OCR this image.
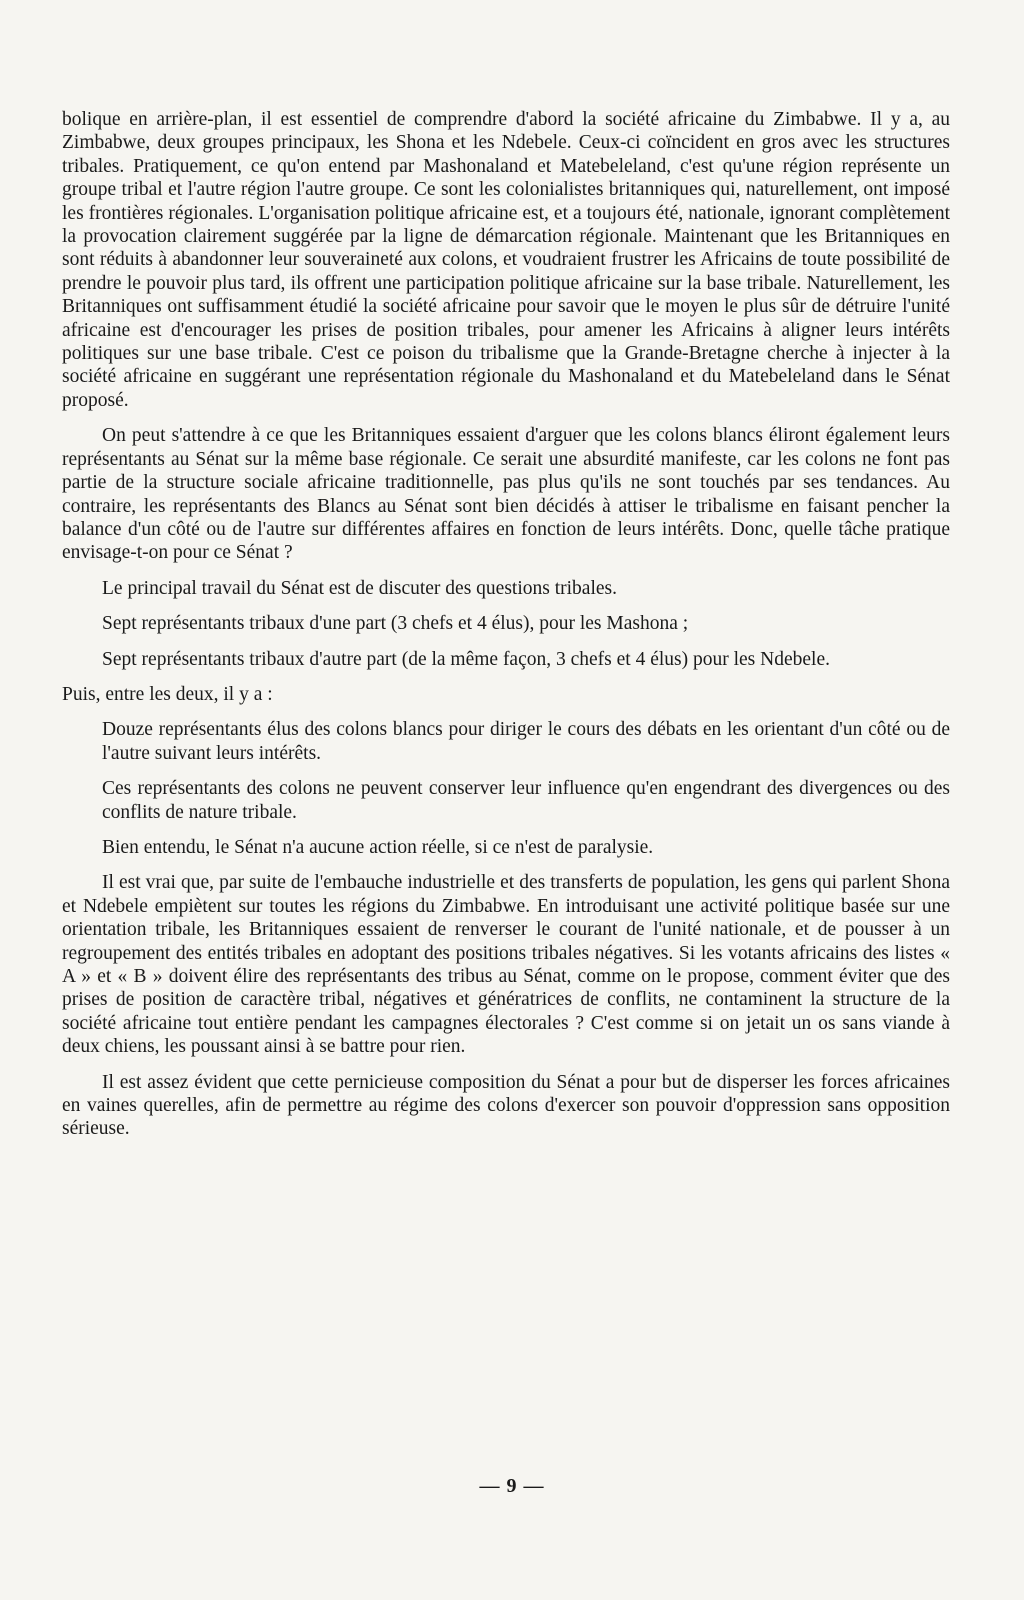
bolique en arrière-plan, il est essentiel de comprendre d'abord la société africaine du Zimbabwe. Il y a, au Zimbabwe, deux groupes principaux, les Shona et les Ndebele. Ceux-ci coïncident en gros avec les structures tribales. Pratiquement, ce qu'on entend par Mashonaland et Matebeleland, c'est qu'une région représente un groupe tribal et l'autre région l'autre groupe. Ce sont les colonialistes britanniques qui, naturellement, ont imposé les frontières régionales. L'organisation politique africaine est, et a toujours été, nationale, ignorant complètement la provocation clairement suggérée par la ligne de démarcation régionale. Maintenant que les Britanniques en sont réduits à abandonner leur souveraineté aux colons, et voudraient frustrer les Africains de toute possibilité de prendre le pouvoir plus tard, ils offrent une participation politique africaine sur la base tribale. Naturellement, les Britanniques ont suffisamment étudié la société africaine pour savoir que le moyen le plus sûr de détruire l'unité africaine est d'encourager les prises de position tribales, pour amener les Africains à aligner leurs intérêts politiques sur une base tribale. C'est ce poison du tribalisme que la Grande-Bretagne cherche à injecter à la société africaine en suggérant une représentation régionale du Mashonaland et du Matebeleland dans le Sénat proposé.

On peut s'attendre à ce que les Britanniques essaient d'arguer que les colons blancs éliront également leurs représentants au Sénat sur la même base régionale. Ce serait une absurdité manifeste, car les colons ne font pas partie de la structure sociale africaine traditionnelle, pas plus qu'ils ne sont touchés par ses tendances. Au contraire, les représentants des Blancs au Sénat sont bien décidés à attiser le tribalisme en faisant pencher la balance d'un côté ou de l'autre sur différentes affaires en fonction de leurs intérêts. Donc, quelle tâche pratique envisage-t-on pour ce Sénat ?

Le principal travail du Sénat est de discuter des questions tribales.

Sept représentants tribaux d'une part (3 chefs et 4 élus), pour les Mashona ;

Sept représentants tribaux d'autre part (de la même façon, 3 chefs et 4 élus) pour les Ndebele.

Puis, entre les deux, il y a :

Douze représentants élus des colons blancs pour diriger le cours des débats en les orientant d'un côté ou de l'autre suivant leurs intérêts.

Ces représentants des colons ne peuvent conserver leur influence qu'en engendrant des divergences ou des conflits de nature tribale.

Bien entendu, le Sénat n'a aucune action réelle, si ce n'est de paralysie.

Il est vrai que, par suite de l'embauche industrielle et des transferts de population, les gens qui parlent Shona et Ndebele empiètent sur toutes les régions du Zimbabwe. En introduisant une activité politique basée sur une orientation tribale, les Britanniques essaient de renverser le courant de l'unité nationale, et de pousser à un regroupement des entités tribales en adoptant des positions tribales négatives. Si les votants africains des listes « A » et « B » doivent élire des représentants des tribus au Sénat, comme on le propose, comment éviter que des prises de position de caractère tribal, négatives et génératrices de conflits, ne contaminent la structure de la société africaine tout entière pendant les campagnes électorales ? C'est comme si on jetait un os sans viande à deux chiens, les poussant ainsi à se battre pour rien.

Il est assez évident que cette pernicieuse composition du Sénat a pour but de disperser les forces africaines en vaines querelles, afin de permettre au régime des colons d'exercer son pouvoir d'oppression sans opposition sérieuse.

— 9 —
